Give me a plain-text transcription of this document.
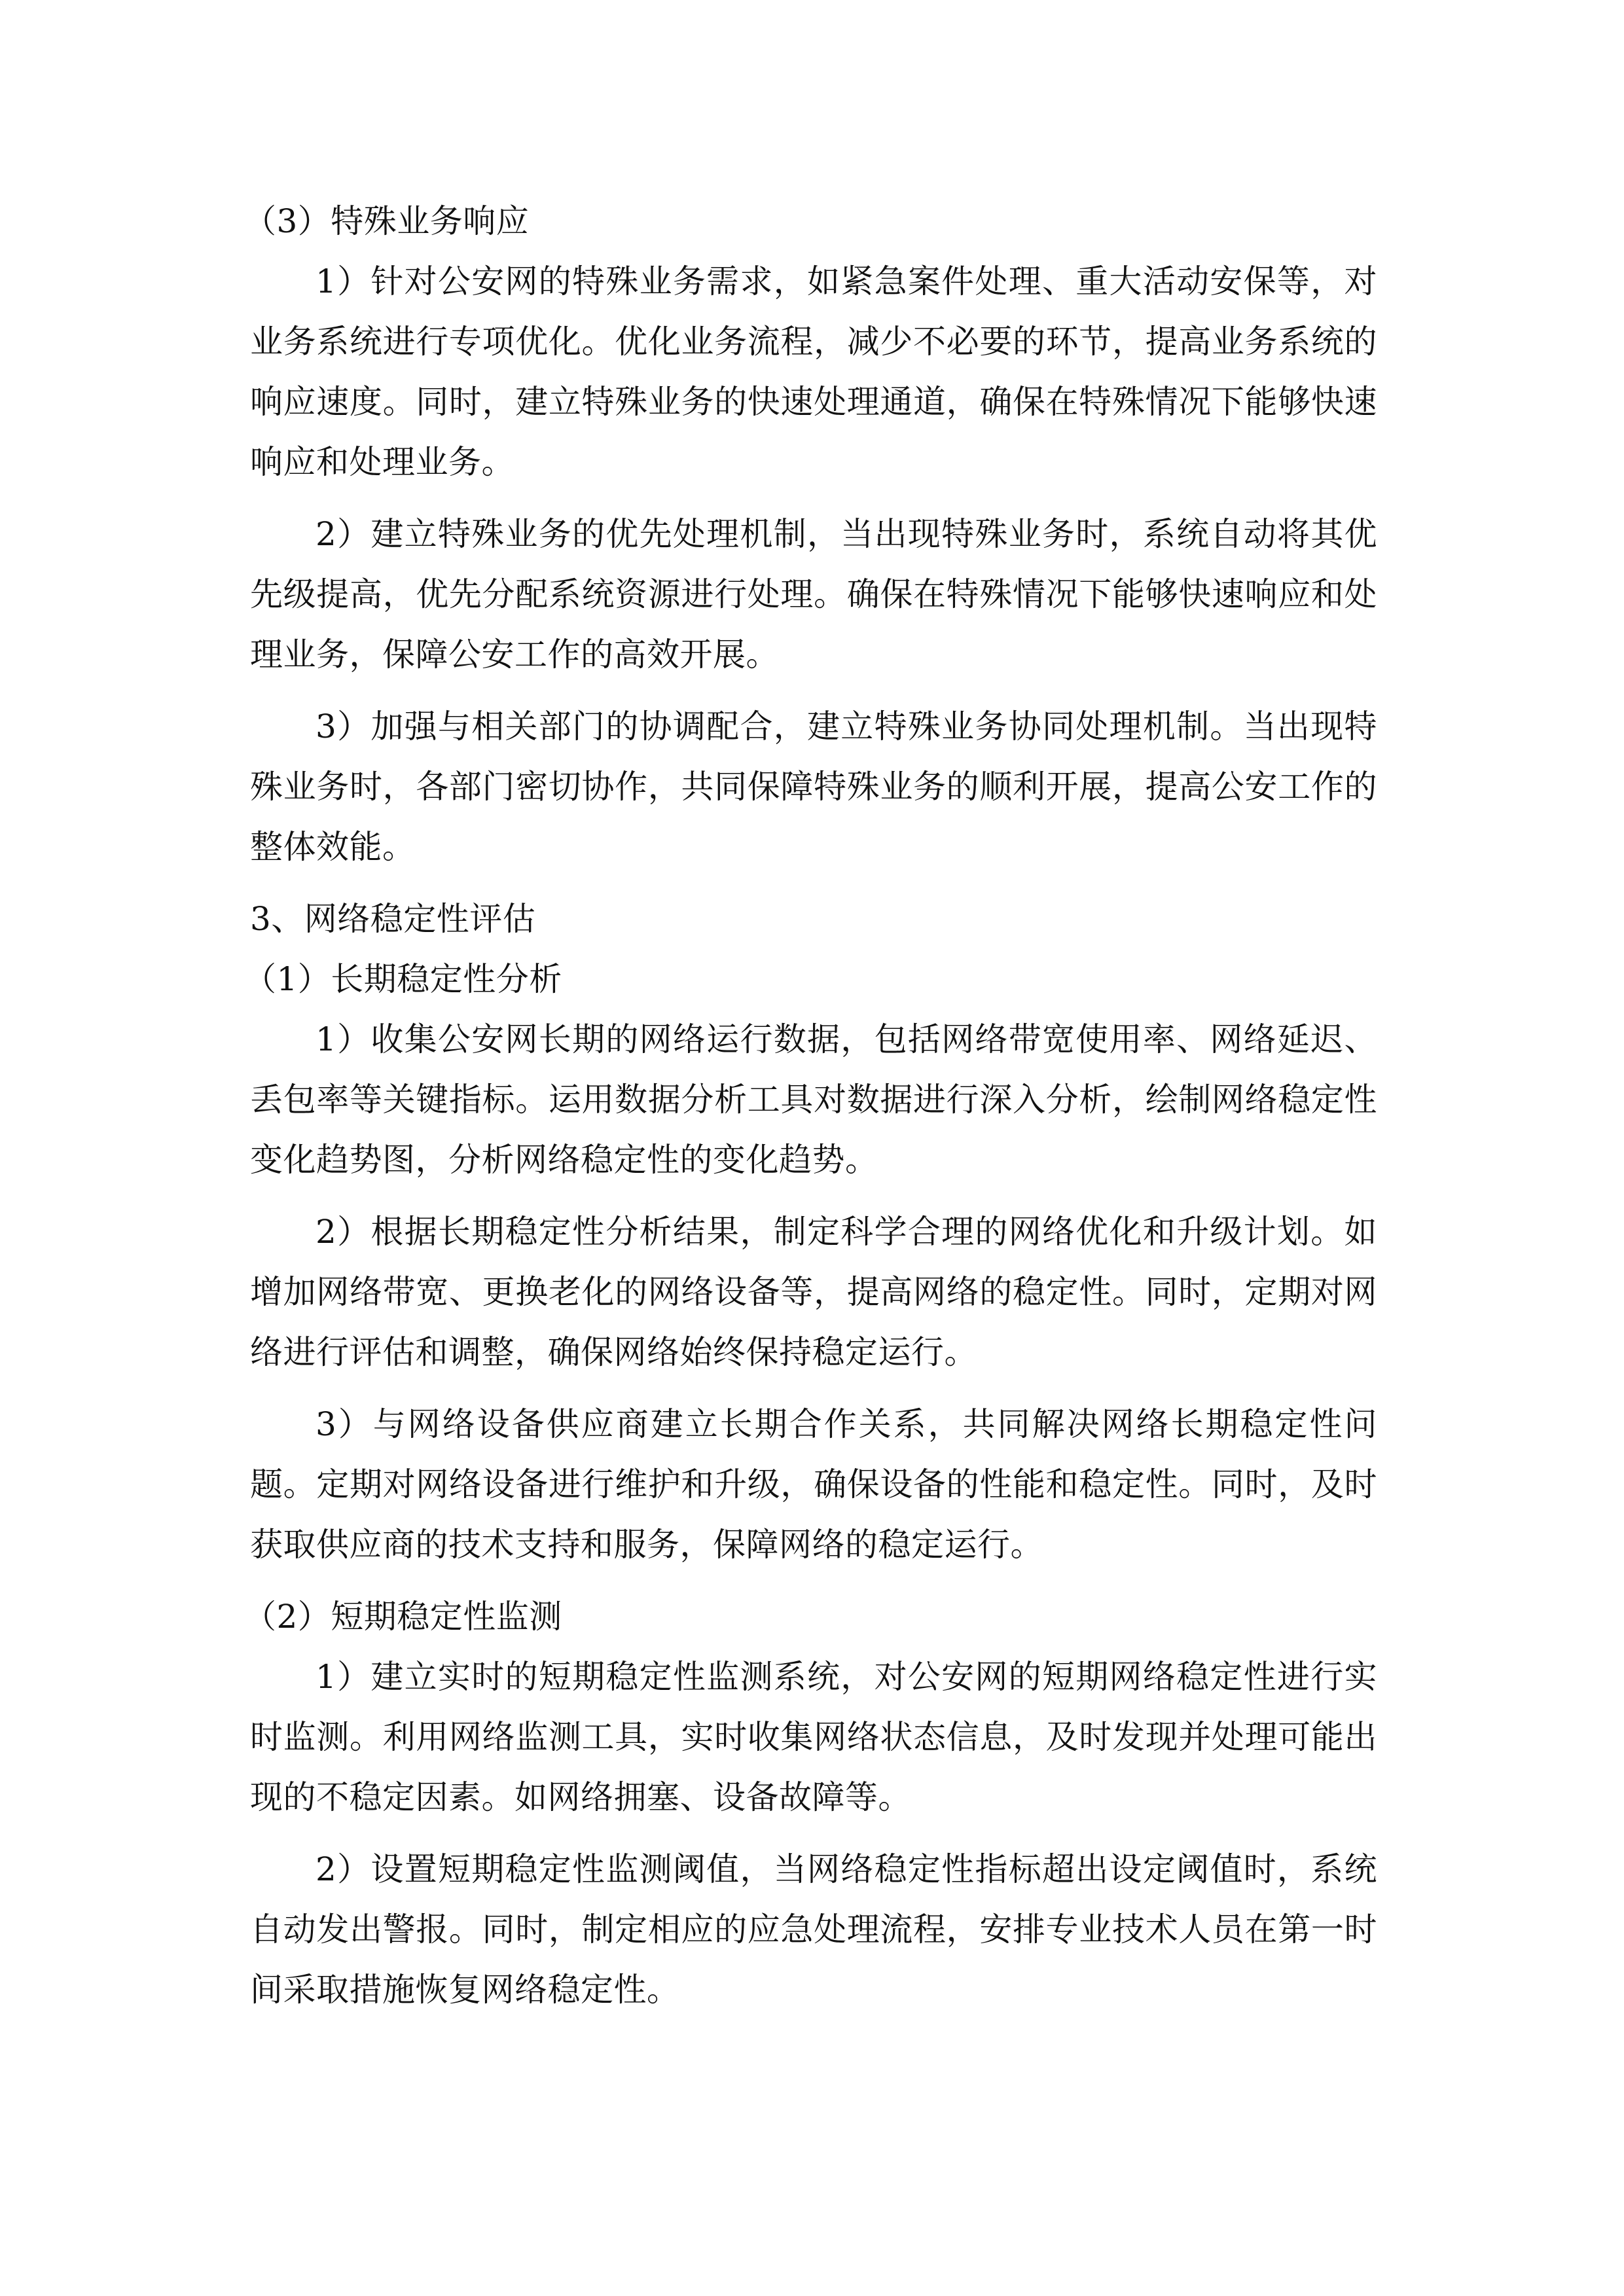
（3）特殊业务响应

1）针对公安网的特殊业务需求，如紧急案件处理、重大活动安保等，对业务系统进行专项优化。优化业务流程，减少不必要的环节，提高业务系统的响应速度。同时，建立特殊业务的快速处理通道，确保在特殊情况下能够快速响应和处理业务。

2）建立特殊业务的优先处理机制，当出现特殊业务时，系统自动将其优先级提高，优先分配系统资源进行处理。确保在特殊情况下能够快速响应和处理业务，保障公安工作的高效开展。

3）加强与相关部门的协调配合，建立特殊业务协同处理机制。当出现特殊业务时，各部门密切协作，共同保障特殊业务的顺利开展，提高公安工作的整体效能。

3、网络稳定性评估

（1）长期稳定性分析

1）收集公安网长期的网络运行数据，包括网络带宽使用率、网络延迟、丢包率等关键指标。运用数据分析工具对数据进行深入分析，绘制网络稳定性变化趋势图，分析网络稳定性的变化趋势。

2）根据长期稳定性分析结果，制定科学合理的网络优化和升级计划。如增加网络带宽、更换老化的网络设备等，提高网络的稳定性。同时，定期对网络进行评估和调整，确保网络始终保持稳定运行。

3）与网络设备供应商建立长期合作关系，共同解决网络长期稳定性问题。定期对网络设备进行维护和升级，确保设备的性能和稳定性。同时，及时获取供应商的技术支持和服务，保障网络的稳定运行。

（2）短期稳定性监测

1）建立实时的短期稳定性监测系统，对公安网的短期网络稳定性进行实时监测。利用网络监测工具，实时收集网络状态信息，及时发现并处理可能出现的不稳定因素。如网络拥塞、设备故障等。

2）设置短期稳定性监测阈值，当网络稳定性指标超出设定阈值时，系统自动发出警报。同时，制定相应的应急处理流程，安排专业技术人员在第一时间采取措施恢复网络稳定性。
